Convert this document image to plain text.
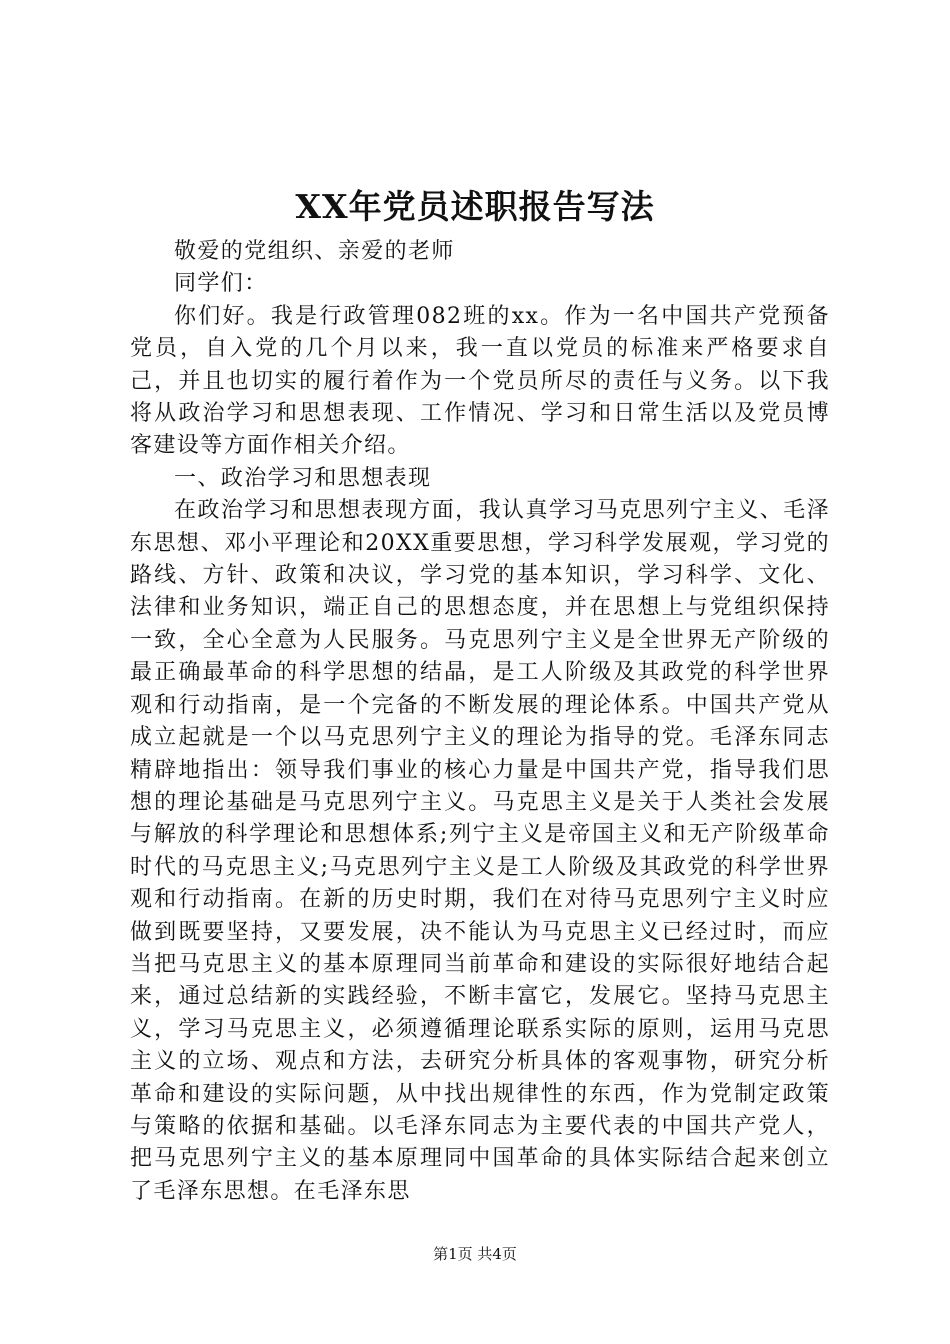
XX年党员述职报告写法

敬爱的党组织、亲爱的老师

同学们：

你们好。我是行政管理082班的xx。作为一名中国共产党预备党员，自入党的几个月以来，我一直以党员的标准来严格要求自己，并且也切实的履行着作为一个党员所尽的责任与义务。以下我将从政治学习和思想表现、工作情况、学习和日常生活以及党员博客建设等方面作相关介绍。

一、政治学习和思想表现

在政治学习和思想表现方面，我认真学习马克思列宁主义、毛泽东思想、邓小平理论和20XX重要思想，学习科学发展观，学习党的路线、方针、政策和决议，学习党的基本知识，学习科学、文化、法律和业务知识，端正自己的思想态度，并在思想上与党组织保持一致，全心全意为人民服务。马克思列宁主义是全世界无产阶级的最正确最革命的科学思想的结晶，是工人阶级及其政党的科学世界观和行动指南，是一个完备的不断发展的理论体系。中国共产党从成立起就是一个以马克思列宁主义的理论为指导的党。毛泽东同志精辟地指出：领导我们事业的核心力量是中国共产党，指导我们思想的理论基础是马克思列宁主义。马克思主义是关于人类社会发展与解放的科学理论和思想体系;列宁主义是帝国主义和无产阶级革命时代的马克思主义;马克思列宁主义是工人阶级及其政党的科学世界观和行动指南。在新的历史时期，我们在对待马克思列宁主义时应做到既要坚持，又要发展，决不能认为马克思主义已经过时，而应当把马克思主义的基本原理同当前革命和建设的实际很好地结合起来，通过总结新的实践经验，不断丰富它，发展它。坚持马克思主义，学习马克思主义，必须遵循理论联系实际的原则，运用马克思主义的立场、观点和方法，去研究分析具体的客观事物，研究分析革命和建设的实际问题，从中找出规律性的东西，作为党制定政策与策略的依据和基础。以毛泽东同志为主要代表的中国共产党人，把马克思列宁主义的基本原理同中国革命的具体实际结合起来创立了毛泽东思想。在毛泽东思

第1页 共4页
